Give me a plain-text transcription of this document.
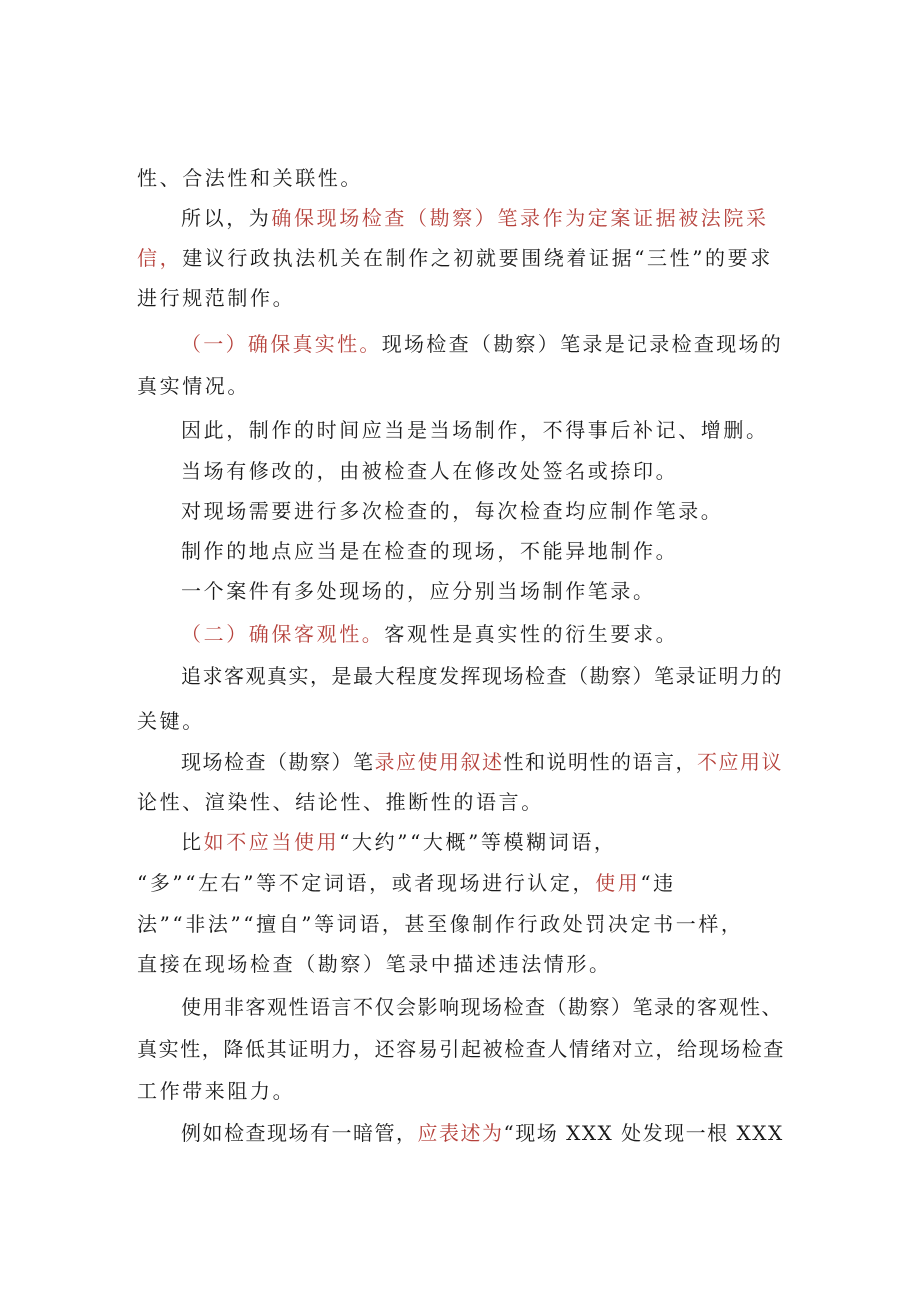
性、合法性和关联性。
所以，为确保现场检查（勘察）笔录作为定案证据被法院采
信，建议行政执法机关在制作之初就要围绕着证据“三性”的要求
进行规范制作。
（一）确保真实性。现场检查（勘察）笔录是记录检查现场的
真实情况。
因此，制作的时间应当是当场制作，不得事后补记、增删。
当场有修改的，由被检查人在修改处签名或捺印。
对现场需要进行多次检查的，每次检查均应制作笔录。
制作的地点应当是在检查的现场，不能异地制作。
一个案件有多处现场的，应分别当场制作笔录。
（二）确保客观性。客观性是真实性的衍生要求。
追求客观真实，是最大程度发挥现场检查（勘察）笔录证明力的
关键。
现场检查（勘察）笔录应使用叙述性和说明性的语言，不应用议
论性、渲染性、结论性、推断性的语言。
比如不应当使用“大约”“大概”等模糊词语，
“多”“左右”等不定词语，或者现场进行认定，使用“违
法”“非法”“擅自”等词语，甚至像制作行政处罚决定书一样，
直接在现场检查（勘察）笔录中描述违法情形。
使用非客观性语言不仅会影响现场检查（勘察）笔录的客观性、
真实性，降低其证明力，还容易引起被检查人情绪对立，给现场检查
工作带来阻力。
例如检查现场有一暗管，应表述为“现场 XXX 处发现一根 XXX
